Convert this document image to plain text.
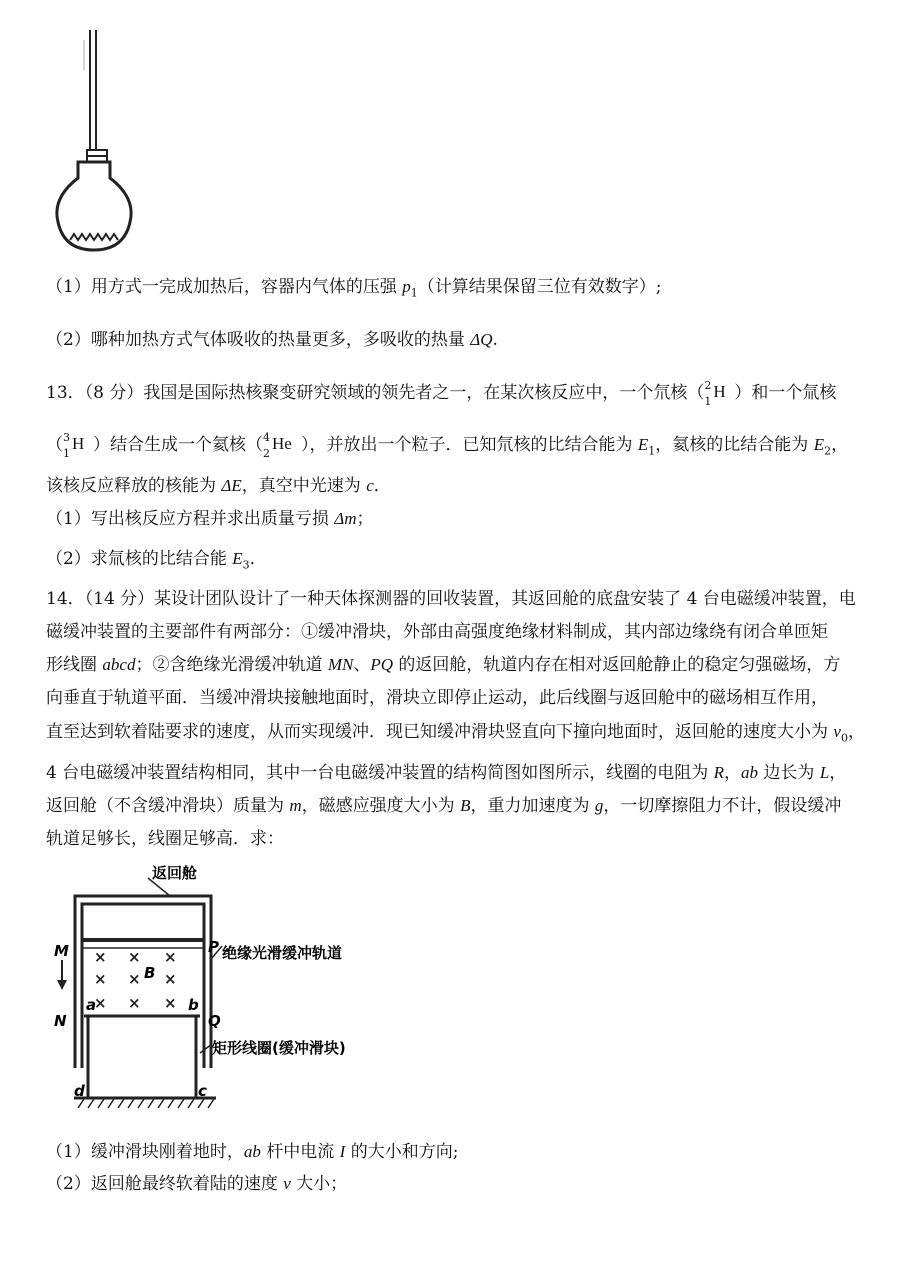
（1）用方式一完成加热后，容器内气体的压强 $p_1$（计算结果保留三位有效数字）;
（2）哪种加热方式气体吸收的热量更多，多吸收的热量 ΔQ.
13．（8 分）我国是国际热核聚变研究领域的领先者之一，在某次核反应中，一个氘核（ 2
1
H ）和一个氚核
（ 3
1
H ）结合生成一个氦核（ 4
2
He ），并放出一个粒子．已知氘核的比结合能为 $E_1$，氦核的比结合能为 $E_2$，
该核反应释放的核能为 ΔE，真空中光速为 c．
（1）写出核反应方程并求出质量亏损 Δm；
（2）求氚核的比结合能 $E_3$．
14．（14 分）某设计团队设计了一种天体探测器的回收装置，其返回舱的底盘安装了 4 台电磁缓冲装置，电
磁缓冲装置的主要部件有两部分：①缓冲滑块，外部由高强度绝缘材料制成，其内部边缘绕有闭合单匝矩
形线圈 abcd；②含绝缘光滑缓冲轨道 MN、PQ 的返回舱，轨道内存在相对返回舱静止的稳定匀强磁场，方
向垂直于轨道平面．当缓冲滑块接触地面时，滑块立即停止运动，此后线圈与返回舱中的磁场相互作用，
直至达到软着陆要求的速度，从而实现缓冲．现已知缓冲滑块竖直向下撞向地面时，返回舱的速度大小为 $v_0$，
4 台电磁缓冲装置结构相同，其中一台电磁缓冲装置的结构简图如图所示，线圈的电阻为 R，ab 边长为 L，
返回舱（不含缓冲滑块）质量为 m，磁感应强度大小为 B，重力加速度为 g，一切摩擦阻力不计，假设缓冲
轨道足够长，线圈足够高．求：
× × ×
× × ×
× × ×
返回舱
绝缘光滑缓冲轨道
矩形线圈(缓冲滑块)
M
N
P
Q
a	b
c
d
B
（1）缓冲滑块刚着地时，ab 杆中电流 I 的大小和方向;
（2）返回舱最终软着陆的速度 v 大小；
